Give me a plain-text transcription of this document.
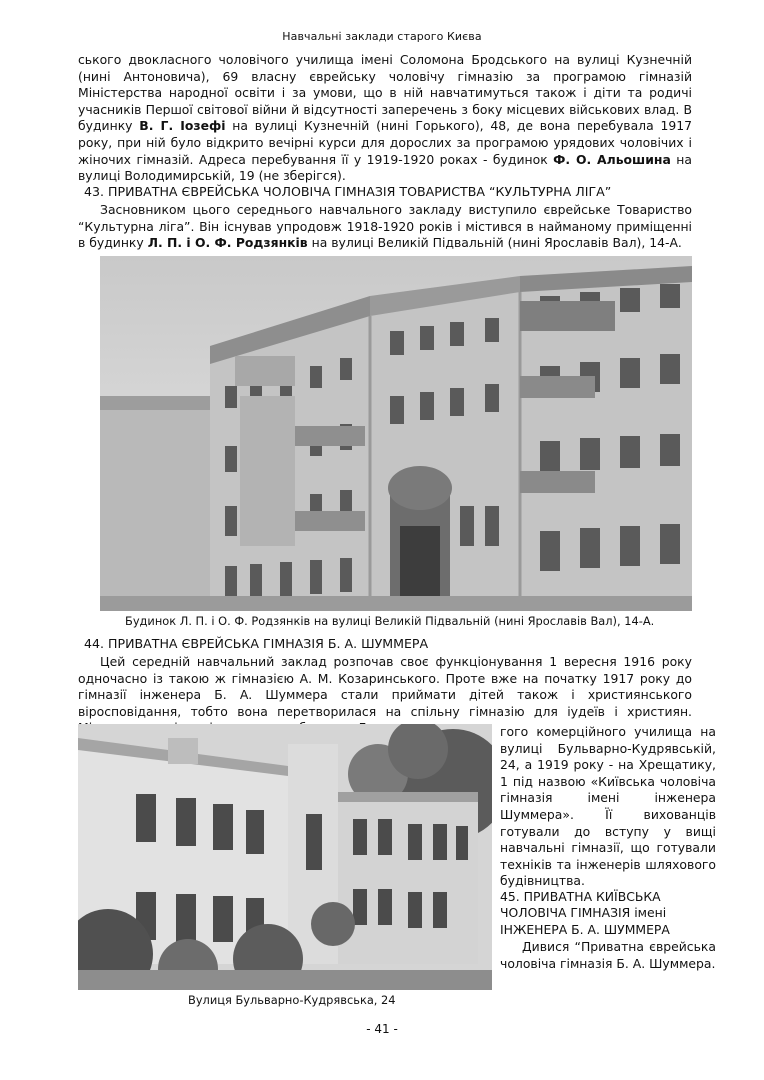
Навчальні заклади старого Києва

ського двокласного чоловічого училища імені Соломона Бродського на вулиці Кузнечній (нині Антоновича), 69 власну єврейську чоловічу гімназію за програмою гімназій Міністерства народної освіти і за умови, що в ній навчатимуться також і діти та родичі учасників Першої світової війни й відсутності заперечень з боку місцевих військових влад. В будинку В. Г. Іозефі на вулиці Кузнечній (нині Горького), 48, де вона перебувала 1917 року, при ній було відкрито вечірні курси для дорослих за програмою урядових чоловічих і жіночих гімназій. Адреса перебування її у 1919-1920 роках - будинок Ф. О. Альошина на вулиці Володимирській, 19 (не зберігся).

43. ПРИВАТНА ЄВРЕЙСЬКА ЧОЛОВІЧА ГІМНАЗІЯ ТОВАРИСТВА “КУЛЬТУРНА ЛІГА”

Засновником цього середнього навчального закладу виступило єврейське Товариство “Культурна ліга”. Він існував упродовж 1918-1920 років і містився в найманому приміщенні в будинку Л. П. і О. Ф. Родзянків на вулиці Великій Підвальній (нині Ярославів Вал), 14-А.

Будинок Л. П. і О. Ф. Родзянків на вулиці Великій Підвальній (нині Ярославів Вал), 14-А.
44. ПРИВАТНА ЄВРЕЙСЬКА ГІМНАЗІЯ Б. А. ШУММЕРА

Цей середній навчальний заклад розпочав своє функціонування 1 вересня 1916 року одночасно із такою ж гімназією А. М. Козаринського. Проте вже на початку 1917 року до гімназії інженера Б. А. Шуммера стали приймати дітей також і християнського віросповідання, тобто вона перетворилася на спільну гімназію для іудеїв і християн.

гого комерційного училища на вулиці Бульварно-Кудрявській, 24, а 1919 року - на Хрещатику, 1 під назвою «Київська чоловіча гімназія імені інженера Шуммера». Її вихованців готували до вступу у вищі навчальні гімназії, що готували техніків та інженерів шляхового будівництва.

Вулиця Бульварно-Кудрявська, 24

45. ПРИВАТНА КИЇВСЬКА ЧОЛОВІЧА ГІМНАЗІЯ імені ІНЖЕНЕРА Б. А. ШУММЕРА

Дивися “Приватна єврейська чоловіча гімназія Б. А. Шуммера.

- 41 -
